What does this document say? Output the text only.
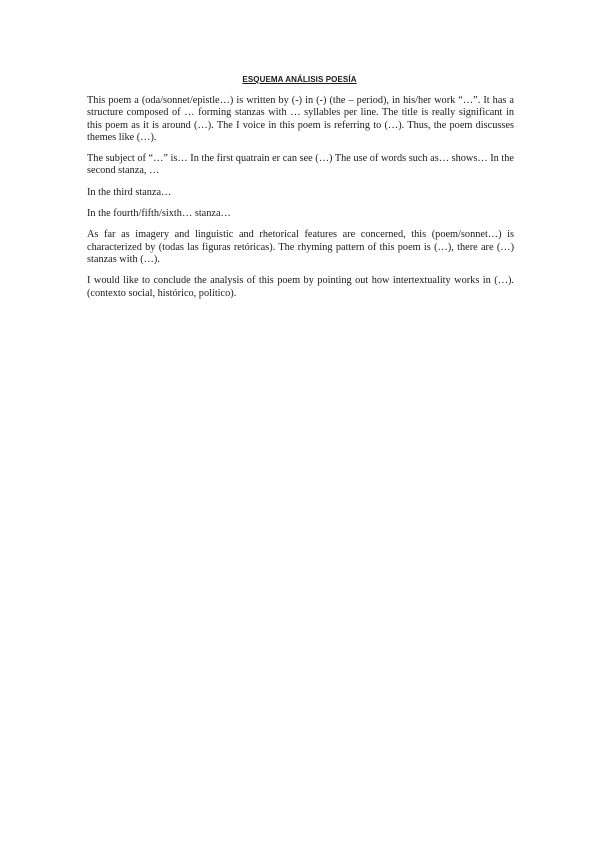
ESQUEMA ANÁLISIS POESÍA

This poem a (oda/sonnet/epistle…) is written by (-) in (-) (the – period), in his/her work “…”. It has a structure composed of … forming stanzas with … syllables per line. The title is really significant in this poem as it is around (…). The I voice in this poem is referring to (…). Thus, the poem discusses themes like (…).

The subject of “…” is… In the first quatrain er can see (…) The use of words such as… shows… In the second stanza, …

In the third stanza…

In the fourth/fifth/sixth… stanza…

As far as imagery and linguistic and rhetorical features are concerned, this (poem/sonnet…) is characterized by (todas las figuras retóricas). The rhyming pattern of this poem is (…), there are (…) stanzas with (…).

I would like to conclude the analysis of this poem by pointing out how intertextuality works in (…). (contexto social, histórico, politico).
